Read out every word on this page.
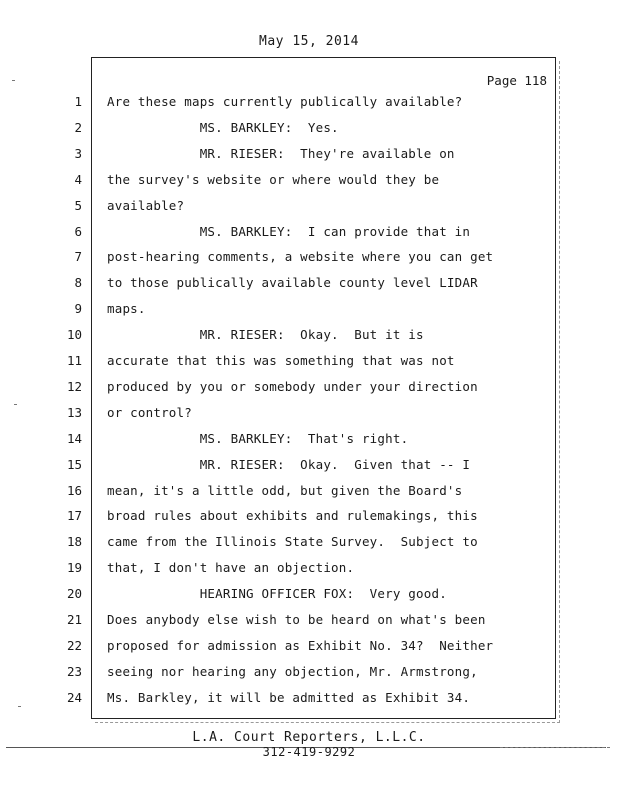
May 15, 2014
Page 118
1 Are these maps currently publically available?
2 MS. BARKLEY:  Yes.
3 MR. RIESER:  They're available on
4 the survey's website or where would they be
5 available?
6 MS. BARKLEY:  I can provide that in
7 post-hearing comments, a website where you can get
8 to those publically available county level LIDAR
9 maps.
10 MR. RIESER:  Okay.  But it is
11 accurate that this was something that was not
12 produced by you or somebody under your direction
13 or control?
14 MS. BARKLEY:  That's right.
15 MR. RIESER:  Okay.  Given that -- I
16 mean, it's a little odd, but given the Board's
17 broad rules about exhibits and rulemakings, this
18 came from the Illinois State Survey.  Subject to
19 that, I don't have an objection.
20 HEARING OFFICER FOX:  Very good.
21 Does anybody else wish to be heard on what's been
22 proposed for admission as Exhibit No. 34?  Neither
23 seeing nor hearing any objection, Mr. Armstrong,
24 Ms. Barkley, it will be admitted as Exhibit 34.
L.A. Court Reporters, L.L.C.
312-419-9292
